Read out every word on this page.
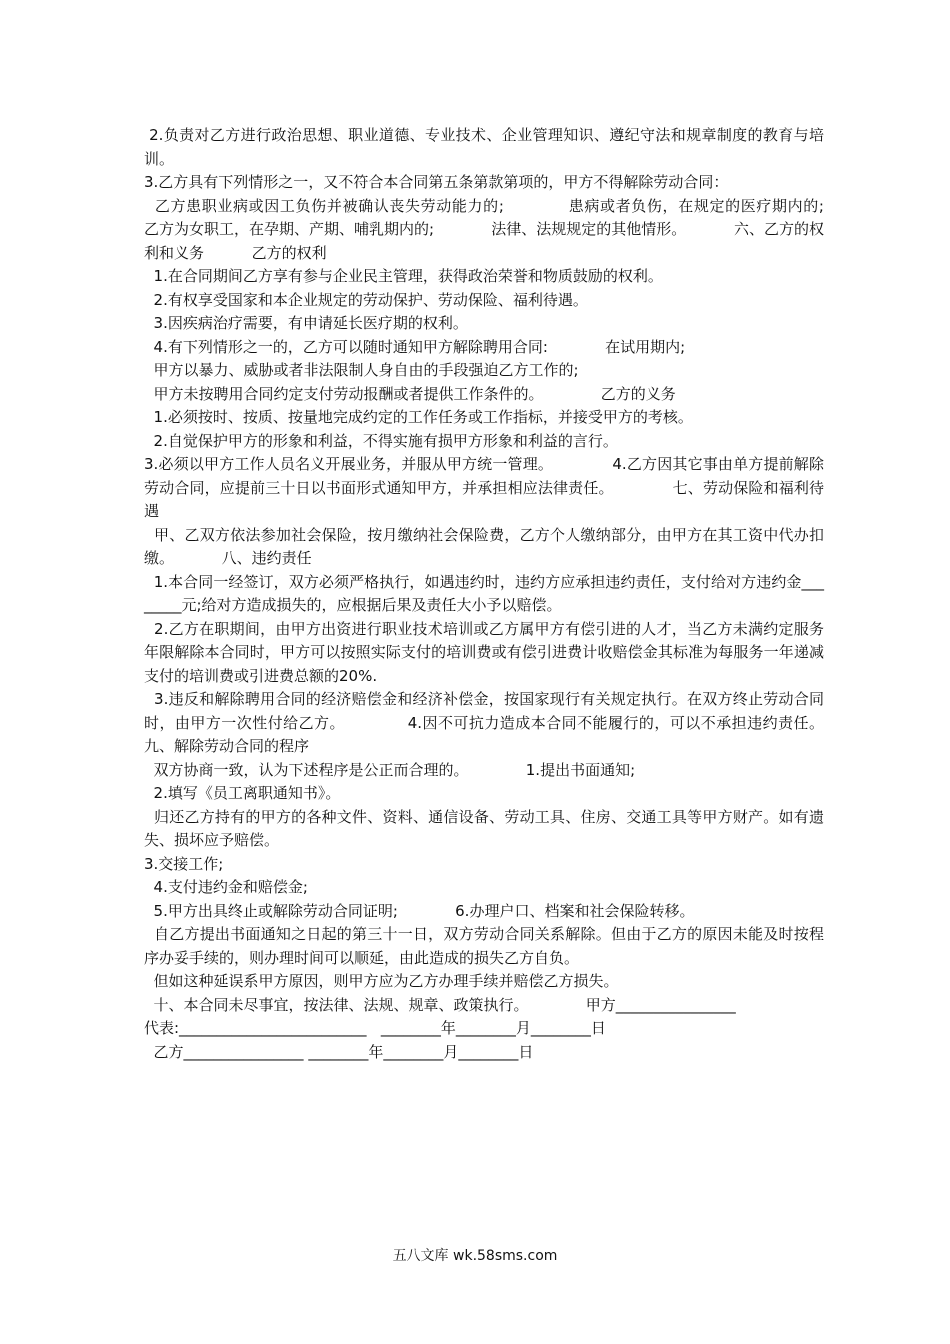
2.负责对乙方进行政治思想、职业道德、专业技术、企业管理知识、遵纪守法和规章制度的教育与培训。

3.乙方具有下列情形之一，又不符合本合同第五条第款第项的，甲方不得解除劳动合同：

乙方患职业病或因工负伤并被确认丧失劳动能力的;            患病或者负伤，在规定的医疗期内的;            乙方为女职工，在孕期、产期、哺乳期内的;            法律、法规规定的其他情形。          六、乙方的权利和义务          乙方的权利

1.在合同期间乙方享有参与企业民主管理，获得政治荣誉和物质鼓励的权利。

2.有权享受国家和本企业规定的劳动保护、劳动保险、福利待遇。

3.因疾病治疗需要，有申请延长医疗期的权利。

4.有下列情形之一的，乙方可以随时通知甲方解除聘用合同:            在试用期内;

甲方以暴力、威胁或者非法限制人身自由的手段强迫乙方工作的;

甲方未按聘用合同约定支付劳动报酬或者提供工作条件的。            乙方的义务

1.必须按时、按质、按量地完成约定的工作任务或工作指标，并接受甲方的考核。

2.自觉保护甲方的形象和利益，不得实施有损甲方形象和利益的言行。

3.必须以甲方工作人员名义开展业务，并服从甲方统一管理。            4.乙方因其它事由单方提前解除劳动合同，应提前三十日以书面形式通知甲方，并承担相应法律责任。            七、劳动保险和福利待遇

甲、乙双方依法参加社会保险，按月缴纳社会保险费，乙方个人缴纳部分，由甲方在其工资中代办扣缴。          八、违约责任

1.本合同一经签订，双方必须严格执行，如遇违约时，违约方应承担违约责任，支付给对方违约金________元;给对方造成损失的，应根据后果及责任大小予以赔偿。

2.乙方在职期间，由甲方出资进行职业技术培训或乙方属甲方有偿引进的人才，当乙方未满约定服务年限解除本合同时，甲方可以按照实际支付的培训费或有偿引进费计收赔偿金其标准为每服务一年递减支付的培训费或引进费总额的20%.

3.违反和解除聘用合同的经济赔偿金和经济补偿金，按国家现行有关规定执行。在双方终止劳动合同时，由甲方一次性付给乙方。            4.因不可抗力造成本合同不能履行的，可以不承担违约责任。          九、解除劳动合同的程序

双方协商一致，认为下述程序是公正而合理的。            1.提出书面通知;

2.填写《员工离职通知书》。

归还乙方持有的甲方的各种文件、资料、通信设备、劳动工具、住房、交通工具等甲方财产。如有遗失、损坏应予赔偿。

3.交接工作;

4.支付违约金和赔偿金;

5.甲方出具终止或解除劳动合同证明;            6.办理户口、档案和社会保险转移。

自乙方提出书面通知之日起的第三十一日，双方劳动合同关系解除。但由于乙方的原因未能及时按程序办妥手续的，则办理时间可以顺延，由此造成的损失乙方自负。

但如这种延误系甲方原因，则甲方应为乙方办理手续并赔偿乙方损失。

十、本合同未尽事宜，按法律、法规、规章、政策执行。            甲方________________

代表:_________________________   ________年________月________日

乙方________________ ________年________月________日

五八文库 wk.58sms.com
